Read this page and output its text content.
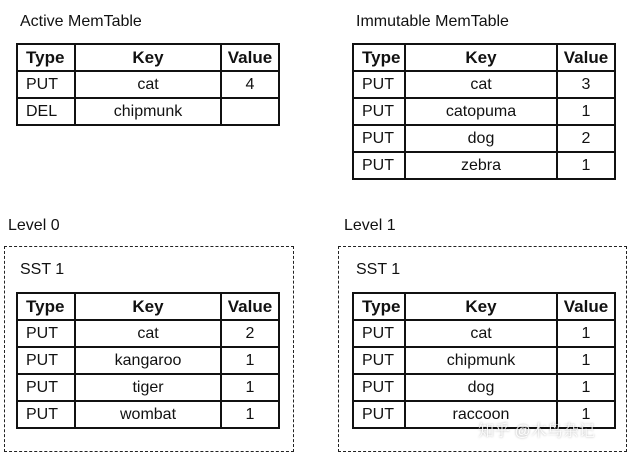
Active MemTable
Type	Key	Value
PUT	cat	4
DEL	chipmunk	
Immutable MemTable
Type	Key	Value
PUT	cat	3
PUT	catopuma	1
PUT	dog	2
PUT	zebra	1
Level 0
SST 1
Type	Key	Value
PUT	cat	2
PUT	kangaroo	1
PUT	tiger	1
PUT	wombat	1
Level 1
SST 1
Type	Key	Value
PUT	cat	1
PUT	chipmunk	1
PUT	dog	1
PUT	raccoon	1
知乎 @木鸟杂记
